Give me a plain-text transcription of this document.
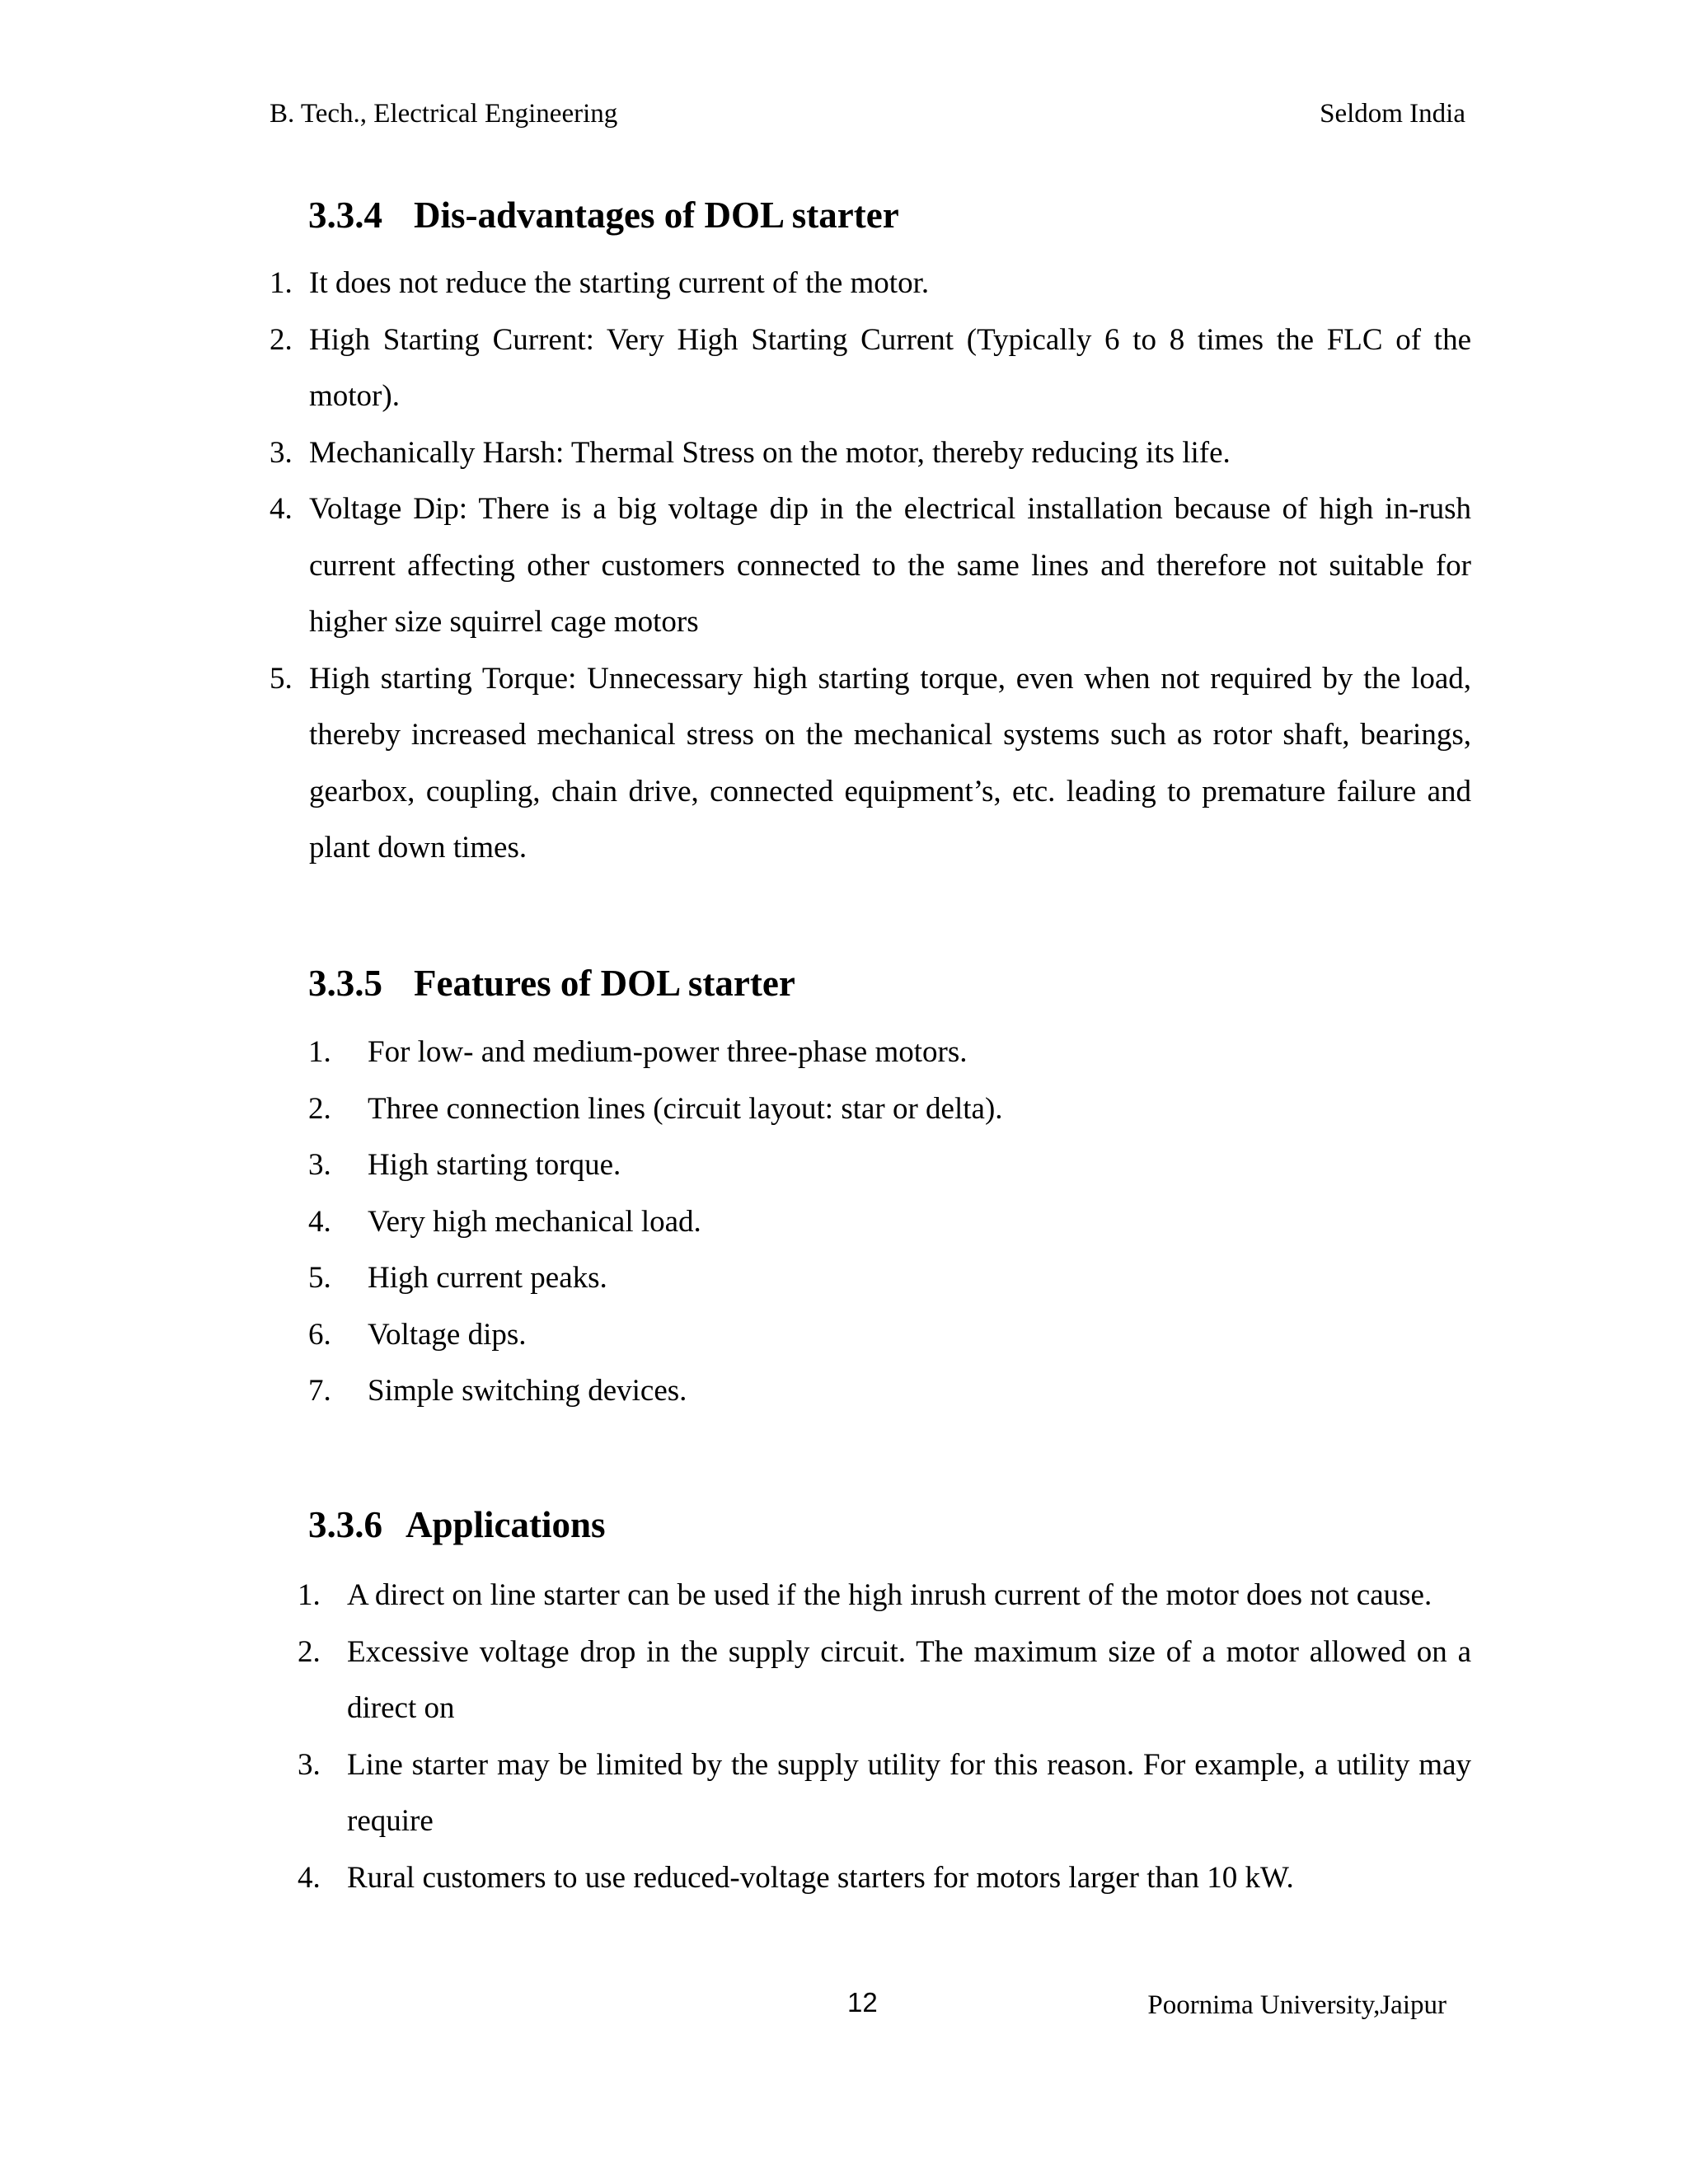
B. Tech., Electrical Engineering	Seldom India
3.3.4 Dis-advantages of DOL starter
1. It does not reduce the starting current of the motor.
2. High Starting Current: Very High Starting Current (Typically 6 to 8 times the FLC of the motor).
3. Mechanically Harsh: Thermal Stress on the motor, thereby reducing its life.
4. Voltage Dip: There is a big voltage dip in the electrical installation because of high in-rush current affecting other customers connected to the same lines and therefore not suitable for higher size squirrel cage motors
5. High starting Torque: Unnecessary high starting torque, even when not required by the load, thereby increased mechanical stress on the mechanical systems such as rotor shaft, bearings, gearbox, coupling, chain drive, connected equipment’s, etc. leading to premature failure and plant down times.
3.3.5 Features of DOL starter
1. For low- and medium-power three-phase motors.
2. Three connection lines (circuit layout: star or delta).
3. High starting torque.
4. Very high mechanical load.
5. High current peaks.
6. Voltage dips.
7. Simple switching devices.
3.3.6 Applications
1. A direct on line starter can be used if the high inrush current of the motor does not cause.
2. Excessive voltage drop in the supply circuit. The maximum size of a motor allowed on a direct on
3. Line starter may be limited by the supply utility for this reason. For example, a utility may require
4. Rural customers to use reduced-voltage starters for motors larger than 10 kW.
12	Poornima University,Jaipur
